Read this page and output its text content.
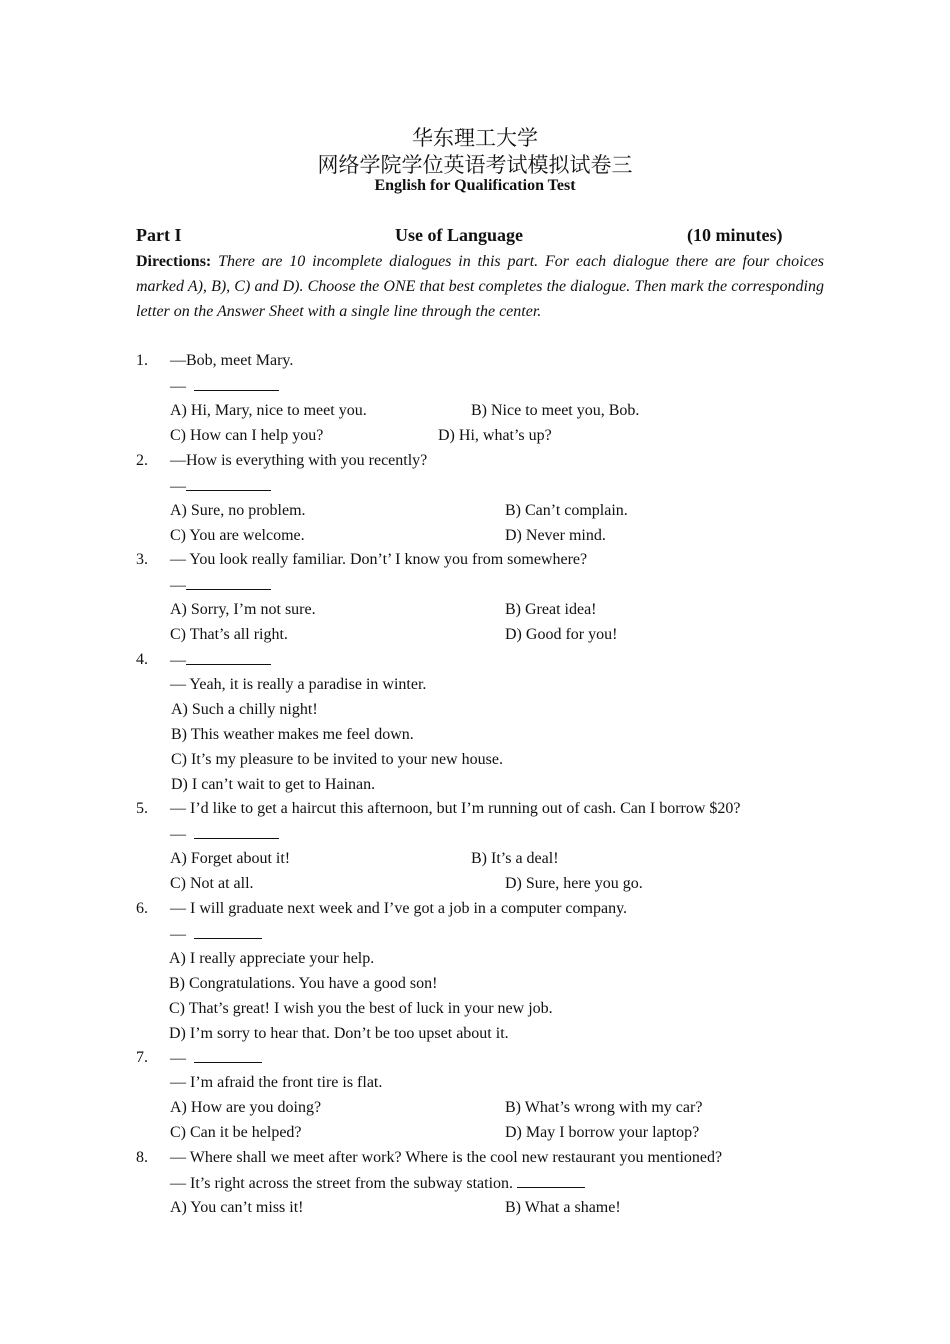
华东理工大学
网络学院学位英语考试模拟试卷三
English for Qualification Test
Part I	Use of Language	(10 minutes)
Directions: There are 10 incomplete dialogues in this part. For each dialogue there are four choices marked A), B), C) and D). Choose the ONE that best completes the dialogue. Then mark the corresponding letter on the Answer Sheet with a single line through the center.
1. —Bob, meet Mary.
—
A) Hi, Mary, nice to meet you.	B) Nice to meet you, Bob.
C) How can I help you?	D) Hi, what’s up?
2. —How is everything with you recently?
—
A) Sure, no problem.	B) Can’t complain.
C) You are welcome.	D) Never mind.
3. — You look really familiar. Don’t’ I know you from somewhere?
—
A) Sorry, I’m not sure.	B) Great idea!
C) That’s all right.	D) Good for you!
4. —
— Yeah, it is really a paradise in winter.
A) Such a chilly night!
B) This weather makes me feel down.
C) It’s my pleasure to be invited to your new house.
D) I can’t wait to get to Hainan.
5. — I’d like to get a haircut this afternoon, but I’m running out of cash. Can I borrow $20?
—
A) Forget about it!	B) It’s a deal!
C) Not at all.	D) Sure, here you go.
6. — I will graduate next week and I’ve got a job in a computer company.
—
A) I really appreciate your help.
B) Congratulations. You have a good son!
C) That’s great! I wish you the best of luck in your new job.
D) I’m sorry to hear that. Don’t be too upset about it.
7. —
— I’m afraid the front tire is flat.
A) How are you doing?	B) What’s wrong with my car?
C) Can it be helped?	D) May I borrow your laptop?
8. — Where shall we meet after work? Where is the cool new restaurant you mentioned?
— It’s right across the street from the subway station.
A) You can’t miss it!	B) What a shame!
